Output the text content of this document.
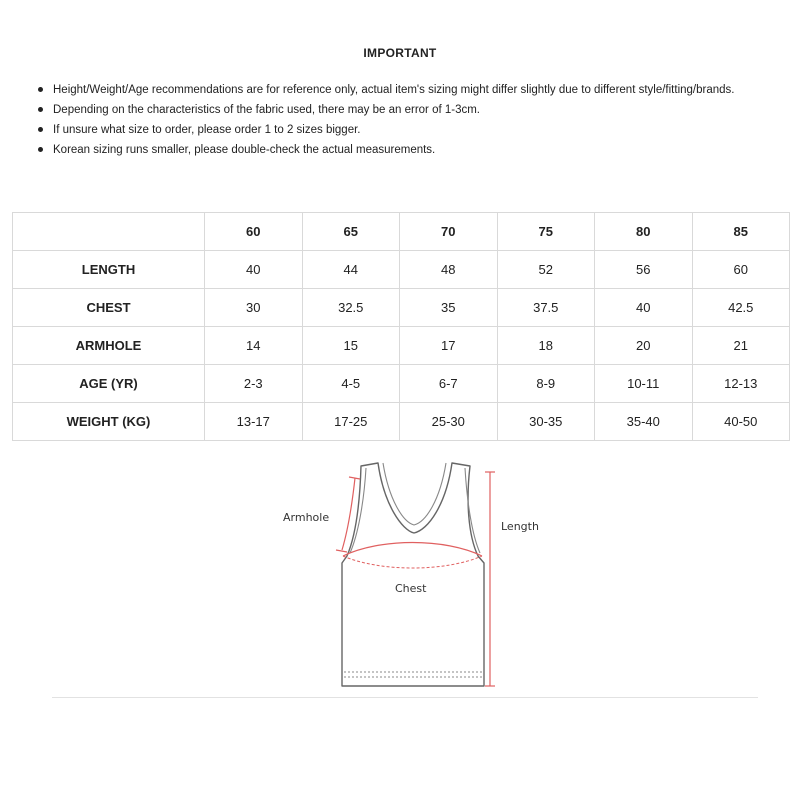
IMPORTANT
Height/Weight/Age recommendations are for reference only, actual item's sizing might differ slightly due to different style/fitting/brands.
Depending on the characteristics of the fabric used, there may be an error of 1-3cm.
If unsure what size to order, please order 1 to 2 sizes bigger.
Korean sizing runs smaller, please double-check the actual measurements.
	60	65	70	75	80	85
LENGTH	40	44	48	52	56	60
CHEST	30	32.5	35	37.5	40	42.5
ARMHOLE	14	15	17	18	20	21
AGE (YR)	2-3	4-5	6-7	8-9	10-11	12-13
WEIGHT (KG)	13-17	17-25	25-30	30-35	35-40	40-50
Armhole
Length
Chest
